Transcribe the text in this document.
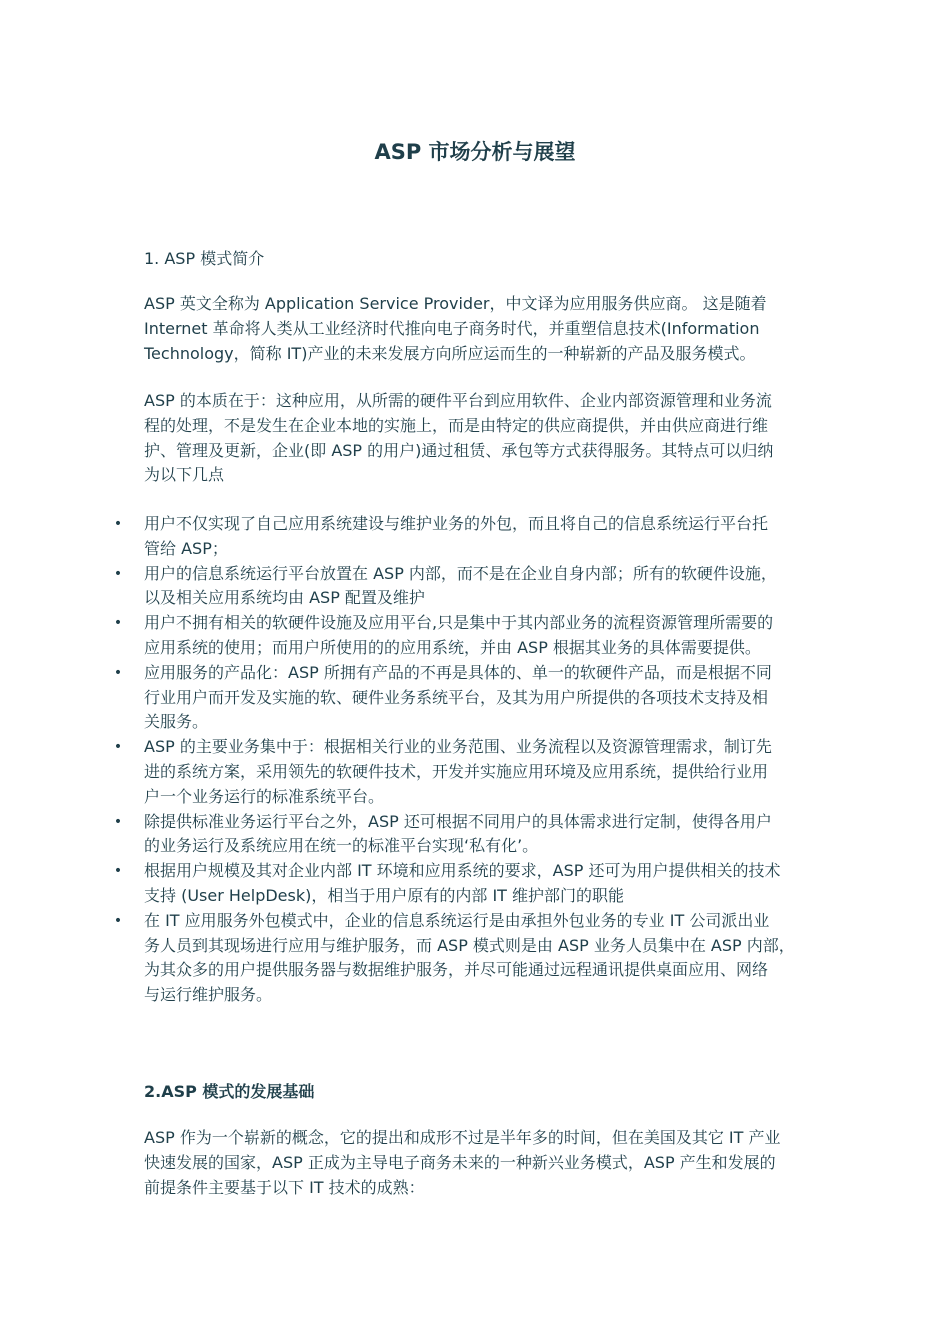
ASP 市场分析与展望
1. ASP 模式简介
ASP 英文全称为 Application Service Provider，中文译为应用服务供应商。 这是随着
Internet 革命将人类从工业经济时代推向电子商务时代，并重塑信息技术(Information
Technology，简称 IT)产业的未来发展方向所应运而生的一种崭新的产品及服务模式。
ASP 的本质在于：这种应用，从所需的硬件平台到应用软件、企业内部资源管理和业务流
程的处理，不是发生在企业本地的实施上，而是由特定的供应商提供，并由供应商进行维
护、管理及更新，企业(即 ASP 的用户)通过租赁、承包等方式获得服务。其特点可以归纳
为以下几点
• 用户不仅实现了自己应用系统建设与维护业务的外包，而且将自己的信息系统运行平台托
管给 ASP；
• 用户的信息系统运行平台放置在 ASP 内部，而不是在企业自身内部；所有的软硬件设施，
以及相关应用系统均由 ASP 配置及维护
• 用户不拥有相关的软硬件设施及应用平台,只是集中于其内部业务的流程资源管理所需要的
应用系统的使用；而用户所使用的的应用系统，并由 ASP 根据其业务的具体需要提供。
• 应用服务的产品化：ASP 所拥有产品的不再是具体的、单一的软硬件产品，而是根据不同
行业用户而开发及实施的软、硬件业务系统平台，及其为用户所提供的各项技术支持及相
关服务。
• ASP 的主要业务集中于：根据相关行业的业务范围、业务流程以及资源管理需求，制订先
进的系统方案，采用领先的软硬件技术，开发并实施应用环境及应用系统，提供给行业用
户一个业务运行的标准系统平台。
• 除提供标准业务运行平台之外，ASP 还可根据不同用户的具体需求进行定制，使得各用户
的业务运行及系统应用在统一的标准平台实现‘私有化’。
• 根据用户规模及其对企业内部 IT 环境和应用系统的要求，ASP 还可为用户提供相关的技术
支持 (User HelpDesk)，相当于用户原有的内部 IT 维护部门的职能
• 在 IT 应用服务外包模式中，企业的信息系统运行是由承担外包业务的专业 IT 公司派出业
务人员到其现场进行应用与维护服务，而 ASP 模式则是由 ASP 业务人员集中在 ASP 内部，
为其众多的用户提供服务器与数据维护服务，并尽可能通过远程通讯提供桌面应用、网络
与运行维护服务。
2.ASP 模式的发展基础
ASP 作为一个崭新的概念，它的提出和成形不过是半年多的时间，但在美国及其它 IT 产业
快速发展的国家，ASP 正成为主导电子商务未来的一种新兴业务模式，ASP 产生和发展的
前提条件主要基于以下 IT 技术的成熟：
